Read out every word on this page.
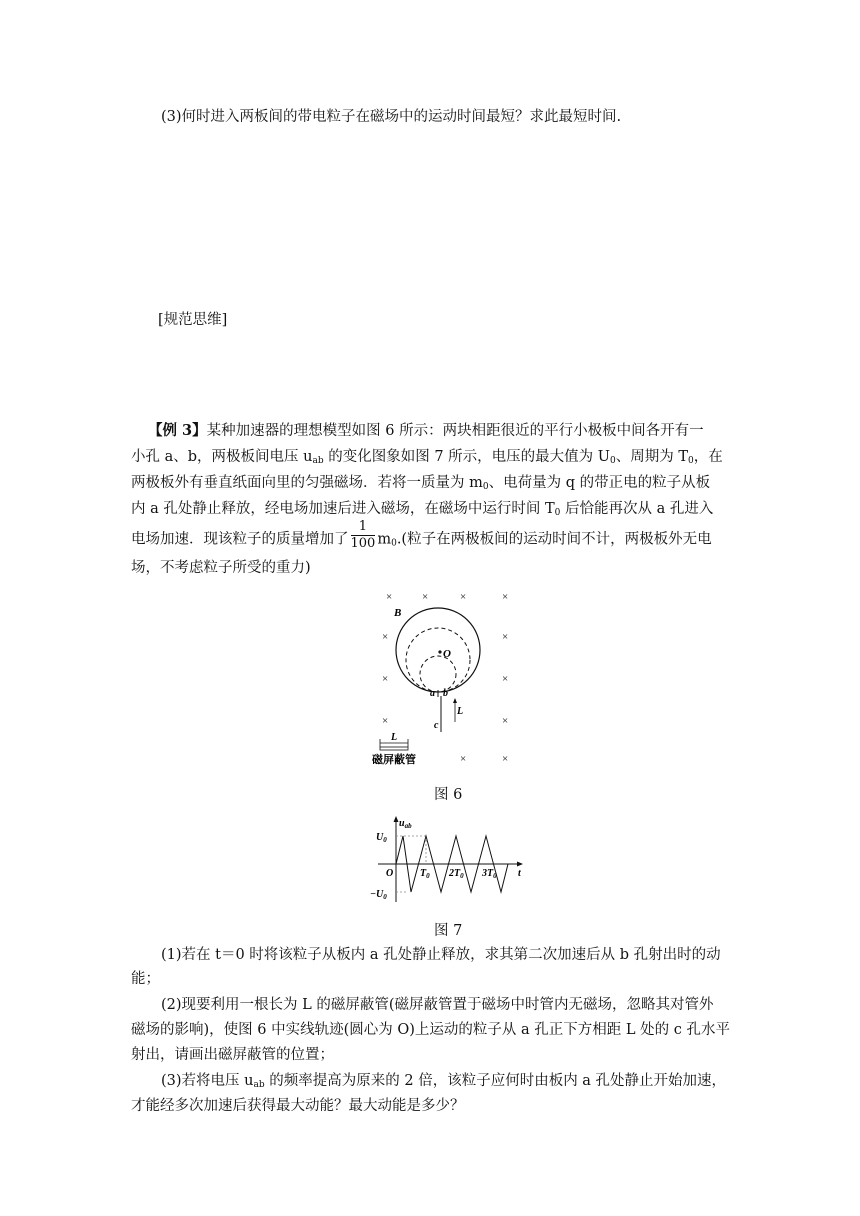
(3)何时进入两板间的带电粒子在磁场中的运动时间最短？求此最短时间.
[规范思维]
【例 3】某种加速器的理想模型如图 6 所示：两块相距很近的平行小极板中间各开有一
小孔 a、b，两极板间电压 $u_{ab}$ 的变化图象如图 7 所示，电压的最大值为 $U_0$、周期为 $T_0$，在
两极板外有垂直纸面向里的匀强磁场．若将一质量为 $m_0$、电荷量为 q 的带正电的粒子从板
内 a 孔处静止释放，经电场加速后进入磁场，在磁场中运行时间 $T_0$ 后恰能再次从 a 孔进入
电场加速．现该粒子的质量增加了 $\frac{1}{100} m_0$.(粒子在两极板间的运动时间不计，两极板外无电
场，不考虑粒子所受的重力)
×	×	×	×
×	×
×	×
×	×
×
×
B
O
a b
L
c
L
磁屏蔽管
图 6
$u_{ab}$
t
$U_0$
$-U_0$
O	$T_0$ $2T_0$ $3T_0$
图 7
(1)若在 t＝0 时将该粒子从板内 a 孔处静止释放，求其第二次加速后从 b 孔射出时的动
能；
(2)现要利用一根长为 L 的磁屏蔽管(磁屏蔽管置于磁场中时管内无磁场，忽略其对管外
磁场的影响)，使图 6 中实线轨迹(圆心为 O)上运动的粒子从 a 孔正下方相距 L 处的 c 孔水平
射出，请画出磁屏蔽管的位置；
(3)若将电压 $u_{ab}$ 的频率提高为原来的 2 倍，该粒子应何时由板内 a 孔处静止开始加速，
才能经多次加速后获得最大动能？最大动能是多少？
